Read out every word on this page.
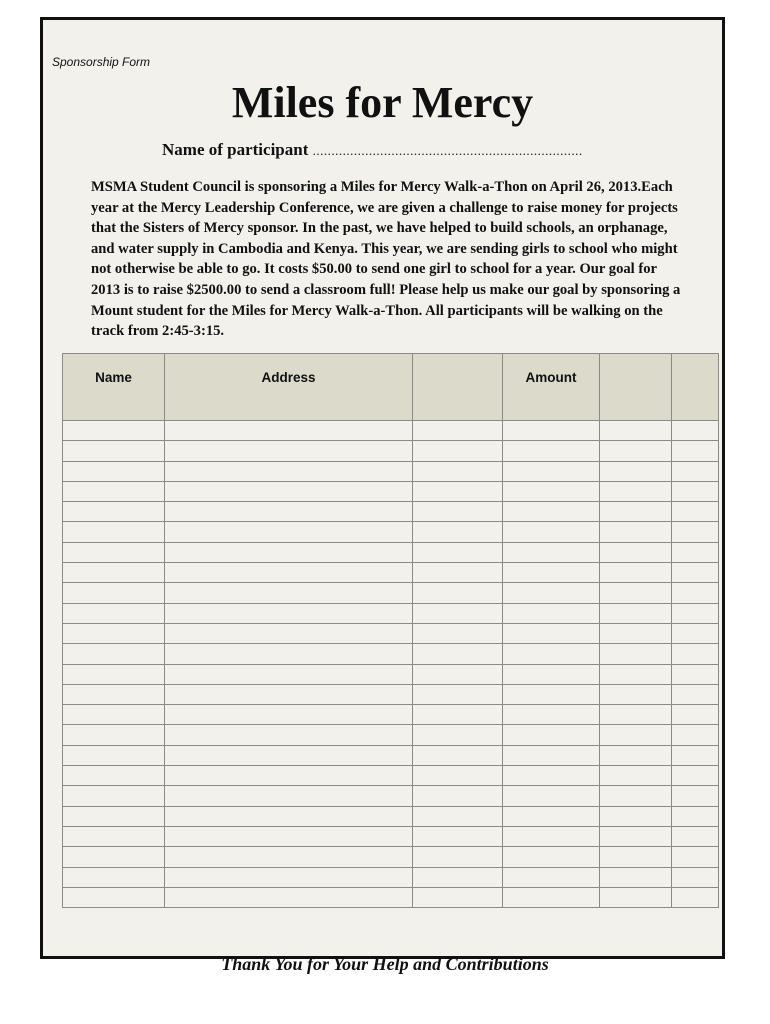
Sponsorship Form
Miles for Mercy
Name of participant ........................................................................
MSMA Student Council is sponsoring a Miles for Mercy Walk-a-Thon on April 26, 2013.Each year at the Mercy Leadership Conference, we are given a challenge to raise money for projects that the Sisters of Mercy sponsor. In the past, we have helped to build schools, an orphanage, and water supply in Cambodia and Kenya. This year, we are sending girls to school who might not otherwise be able to go. It costs $50.00 to send one girl to school for a year. Our goal for 2013 is to raise $2500.00 to send a classroom full! Please help us make our goal by sponsoring a Mount student for the Miles for Mercy Walk-a-Thon. All participants will be walking on the track from 2:45-3:15.
Name	Address		Amount		

Thank You for Your Help and Contributions
